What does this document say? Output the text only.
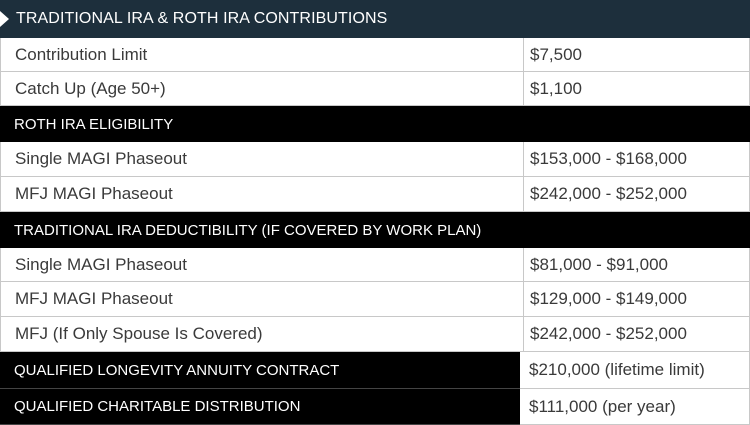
TRADITIONAL IRA & ROTH IRA CONTRIBUTIONS
Contribution Limit	$7,500
Catch Up (Age 50+)	$1,100
ROTH IRA ELIGIBILITY
Single MAGI Phaseout	$153,000 - $168,000
MFJ MAGI Phaseout	$242,000 - $252,000
TRADITIONAL IRA DEDUCTIBILITY (IF COVERED BY WORK PLAN)
Single MAGI Phaseout	$81,000 - $91,000
MFJ MAGI Phaseout	$129,000 - $149,000
MFJ (If Only Spouse Is Covered)	$242,000 - $252,000
QUALIFIED LONGEVITY ANNUITY CONTRACT	$210,000 (lifetime limit)
QUALIFIED CHARITABLE DISTRIBUTION	$111,000 (per year)
